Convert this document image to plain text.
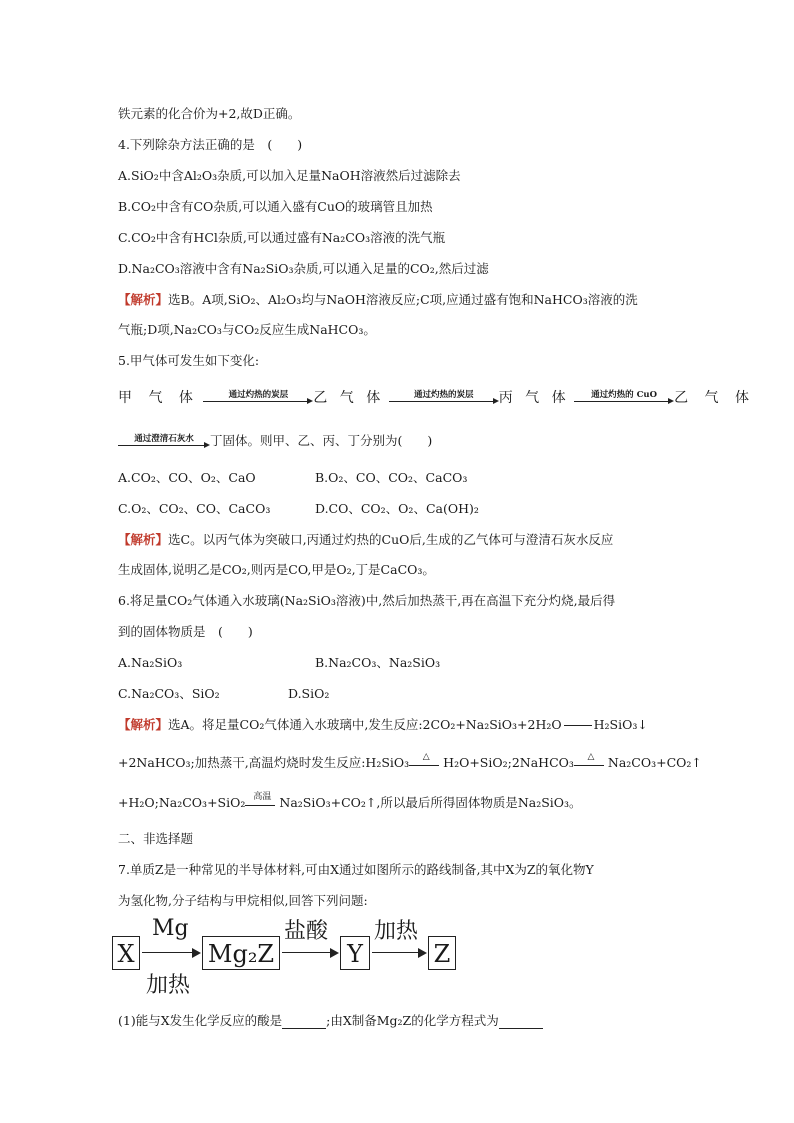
铁元素的化合价为+2,故D正确。
4.下列除杂方法正确的是　(　　)
A.SiO₂中含Al₂O₃杂质,可以加入足量NaOH溶液然后过滤除去
B.CO₂中含有CO杂质,可以通入盛有CuO的玻璃管且加热
C.CO₂中含有HCl杂质,可以通过盛有Na₂CO₃溶液的洗气瓶
D.Na₂CO₃溶液中含有Na₂SiO₃杂质,可以通入足量的CO₂,然后过滤
【解析】选B。A项,SiO₂、Al₂O₃均与NaOH溶液反应;C项,应通过盛有饱和NaHCO₃溶液的洗
气瓶;D项,Na₂CO₃与CO₂反应生成NaHCO₃。
5.甲气体可发生如下变化:
甲 气 体	通过灼热的炭层	乙 气 体	通过灼热的炭层	丙 气 体	通过灼热的 CuO	乙 气 体
通过澄清石灰水	丁固体。则甲、乙、丙、丁分别为(　　)
A.CO₂、CO、O₂、CaO	B.O₂、CO、CO₂、CaCO₃
C.O₂、CO₂、CO、CaCO₃	D.CO、CO₂、O₂、Ca(OH)₂
【解析】选C。以丙气体为突破口,丙通过灼热的CuO后,生成的乙气体可与澄清石灰水反应
生成固体,说明乙是CO₂,则丙是CO,甲是O₂,丁是CaCO₃。
6.将足量CO₂气体通入水玻璃(Na₂SiO₃溶液)中,然后加热蒸干,再在高温下充分灼烧,最后得
到的固体物质是　(　　)
A.Na₂SiO₃	B.Na₂CO₃、Na₂SiO₃
C.Na₂CO₃、SiO₂	D.SiO₂
【解析】选A。将足量CO₂气体通入水玻璃中,发生反应:2CO₂+Na₂SiO₃+2H₂O	H₂SiO₃↓
+2NaHCO₃;加热蒸干,高温灼烧时发生反应:H₂SiO₃	△	H₂O+SiO₂;2NaHCO₃	△	Na₂CO₃+CO₂↑
+H₂O;Na₂CO₃+SiO₂ 高温 Na₂SiO₃+CO₂↑,所以最后所得固体物质是Na₂SiO₃。
二、非选择题
7.单质Z是一种常见的半导体材料,可由X通过如图所示的路线制备,其中X为Z的氧化物Y
为氢化物,分子结构与甲烷相似,回答下列问题:
(1)能与X发生化学反应的酸是	;由X制备Mg₂Z的化学方程式为
X
Mg
加热
Mg₂Z
盐酸
Y
加热
Z
